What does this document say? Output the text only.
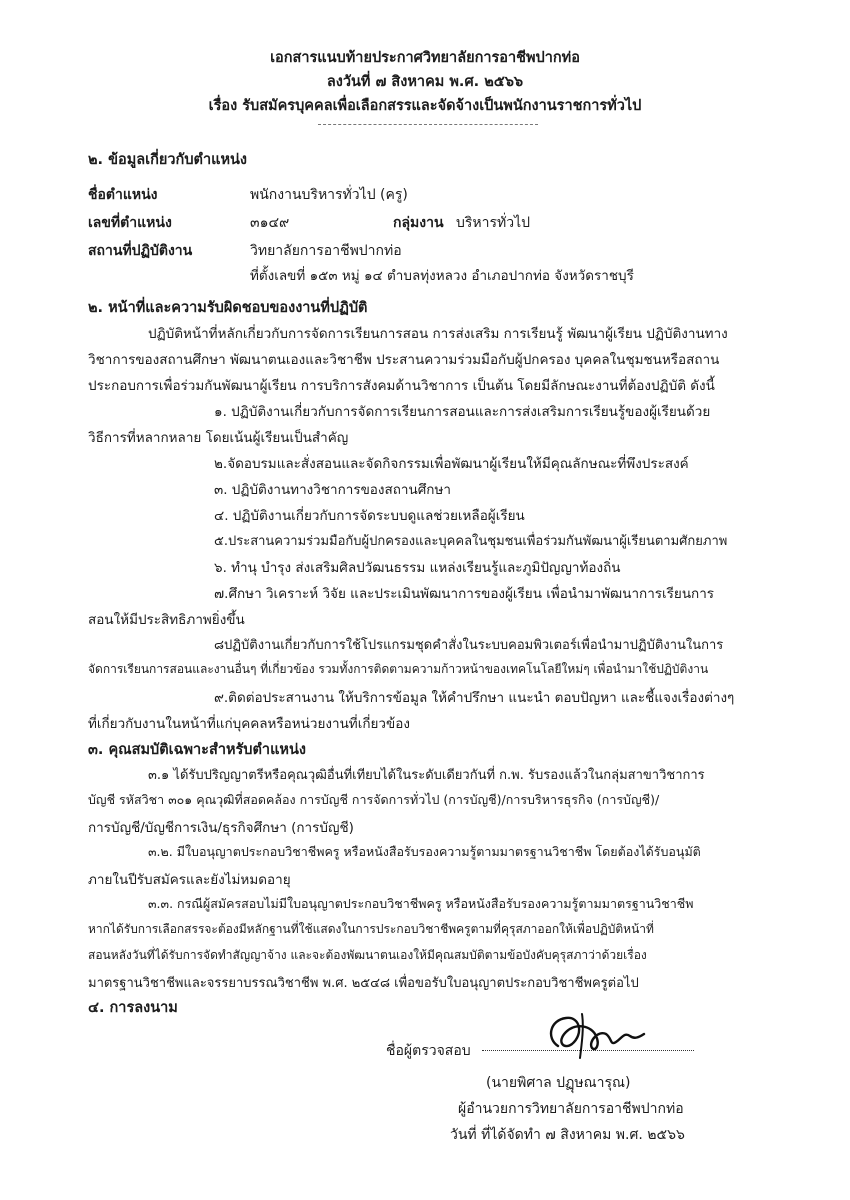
เอกสารแนบท้ายประกาศวิทยาลัยการอาชีพปากท่อ
ลงวันที่ ๗ สิงหาคม พ.ศ. ๒๕๖๖
เรื่อง รับสมัครบุคคลเพื่อเลือกสรรและจัดจ้างเป็นพนักงานราชการทั่วไป
๒. ข้อมูลเกี่ยวกับตำแหน่ง
ชื่อตำแหน่ง	พนักงานบริหารทั่วไป (ครู)
เลขที่ตำแหน่ง	๓๑๔๙	กลุ่มงาน บริหารทั่วไป
สถานที่ปฏิบัติงาน	วิทยาลัยการอาชีพปากท่อ
ที่ตั้งเลขที่ ๑๕๓ หมู่ ๑๔ ตำบลทุ่งหลวง อำเภอปากท่อ จังหวัดราชบุรี
๒. หน้าที่และความรับผิดชอบของงานที่ปฏิบัติ
ปฏิบัติหน้าที่หลักเกี่ยวกับการจัดการเรียนการสอน การส่งเสริม การเรียนรู้ พัฒนาผู้เรียน ปฏิบัติงานทาง
วิชาการของสถานศึกษา พัฒนาตนเองและวิชาชีพ ประสานความร่วมมือกับผู้ปกครอง บุคคลในชุมชนหรือสถาน
ประกอบการเพื่อร่วมกันพัฒนาผู้เรียน การบริการสังคมด้านวิชาการ เป็นต้น โดยมีลักษณะงานที่ต้องปฏิบัติ ดังนี้
๑. ปฏิบัติงานเกี่ยวกับการจัดการเรียนการสอนและการส่งเสริมการเรียนรู้ของผู้เรียนด้วย
วิธีการที่หลากหลาย โดยเน้นผู้เรียนเป็นสำคัญ
๒.จัดอบรมและสั่งสอนและจัดกิจกรรมเพื่อพัฒนาผู้เรียนให้มีคุณลักษณะที่พึงประสงค์
๓. ปฏิบัติงานทางวิชาการของสถานศึกษา
๔. ปฏิบัติงานเกี่ยวกับการจัดระบบดูแลช่วยเหลือผู้เรียน
๕.ประสานความร่วมมือกับผู้ปกครองและบุคคลในชุมชนเพื่อร่วมกันพัฒนาผู้เรียนตามศักยภาพ
๖. ทำนุ บำรุง ส่งเสริมศิลปวัฒนธรรม แหล่งเรียนรู้และภูมิปัญญาท้องถิ่น
๗.ศึกษา วิเคราะห์ วิจัย และประเมินพัฒนาการของผู้เรียน เพื่อนำมาพัฒนาการเรียนการ
สอนให้มีประสิทธิภาพยิ่งขึ้น
๘ปฏิบัติงานเกี่ยวกับการใช้โปรแกรมชุดคำสั่งในระบบคอมพิวเตอร์เพื่อนำมาปฏิบัติงานในการ
จัดการเรียนการสอนและงานอื่นๆ ที่เกี่ยวข้อง รวมทั้งการติดตามความก้าวหน้าของเทคโนโลยีใหม่ๆ เพื่อนำมาใช้ปฏิบัติงาน
๙.ติดต่อประสานงาน ให้บริการข้อมูล ให้คำปรึกษา แนะนำ ตอบปัญหา และชี้แจงเรื่องต่างๆ
ที่เกี่ยวกับงานในหน้าที่แก่บุคคลหรือหน่วยงานที่เกี่ยวข้อง
๓. คุณสมบัติเฉพาะสำหรับตำแหน่ง
๓.๑ ได้รับปริญญาตรีหรือคุณวุฒิอื่นที่เทียบได้ในระดับเดียวกันที่ ก.พ. รับรองแล้วในกลุ่มสาขาวิชาการ
บัญชี รหัสวิชา ๓๐๑ คุณวุฒิที่สอดคล้อง การบัญชี การจัดการทั่วไป (การบัญชี)/การบริหารธุรกิจ (การบัญชี)/
การบัญชี/บัญชีการเงิน/ธุรกิจศึกษา (การบัญชี)
๓.๒. มีใบอนุญาตประกอบวิชาชีพครู หรือหนังสือรับรองความรู้ตามมาตรฐานวิชาชีพ โดยต้องได้รับอนุมัติ
ภายในปีรับสมัครและยังไม่หมดอายุ
๓.๓. กรณีผู้สมัครสอบไม่มีใบอนุญาตประกอบวิชาชีพครู หรือหนังสือรับรองความรู้ตามมาตรฐานวิชาชีพ
หากได้รับการเลือกสรรจะต้องมีหลักฐานที่ใช้แสดงในการประกอบวิชาชีพครูตามที่คุรุสภาออกให้เพื่อปฏิบัติหน้าที่
สอนหลังวันที่ได้รับการจัดทำสัญญาจ้าง และจะต้องพัฒนาตนเองให้มีคุณสมบัติตามข้อบังคับคุรุสภาว่าด้วยเรื่อง
มาตรฐานวิชาชีพและจรรยาบรรณวิชาชีพ พ.ศ. ๒๕๔๘ เพื่อขอรับใบอนุญาตประกอบวิชาชีพครูต่อไป
๔. การลงนาม
ชื่อผู้ตรวจสอบ
(นายพิศาล ปฏุษณารุณ)
ผู้อำนวยการวิทยาลัยการอาชีพปากท่อ
วันที่ ที่ได้จัดทำ ๗ สิงหาคม พ.ศ. ๒๕๖๖
